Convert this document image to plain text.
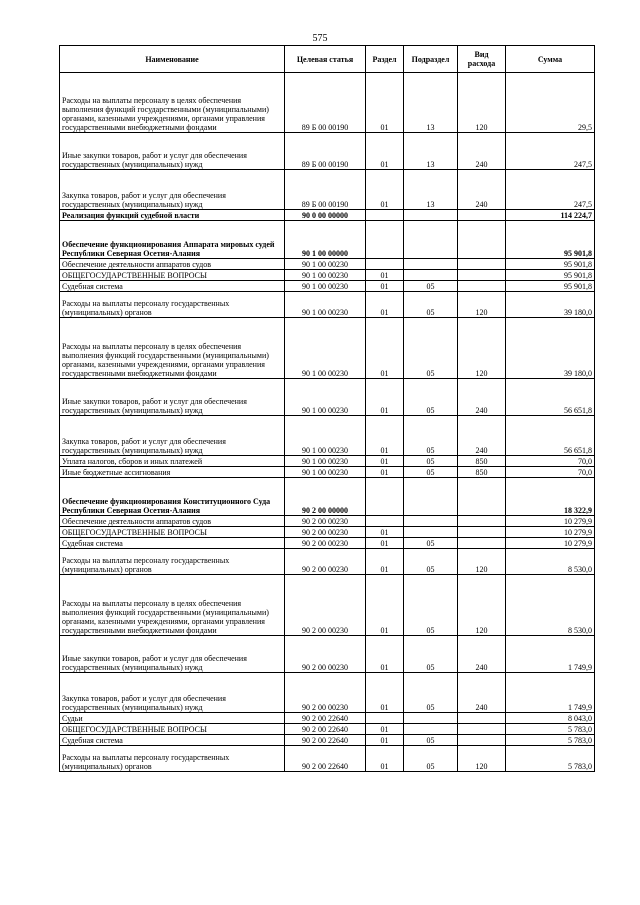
575
Наименование	Целевая статья	Раздел	Подраздел	Вид расхода	Сумма
Расходы на выплаты персоналу в целях обеспечения выполнения функций государственными (муниципальными) органами, казенными учреждениями, органами управления государственными внебюджетными фондами	89 Б 00 00190	01	13	120	29,5
Иные закупки товаров, работ и услуг для обеспечения государственных (муниципальных) нужд	89 Б 00 00190	01	13	240	247,5
Закупка товаров, работ и услуг для обеспечения государственных (муниципальных) нужд	89 Б 00 00190	01	13	240	247,5
Реализация функций судебной власти	90 0 00 00000				114 224,7
Обеспечение функционирования Аппарата мировых судей Республики Северная Осетия-Алания	90 1 00 00000				95 901,8
Обеспечение деятельности аппаратов судов	90 1 00 00230				95 901,8
ОБЩЕГОСУДАРСТВЕННЫЕ ВОПРОСЫ	90 1 00 00230	01			95 901,8
Судебная система	90 1 00 00230	01	05		95 901,8
Расходы на выплаты персоналу государственных (муниципальных) органов	90 1 00 00230	01	05	120	39 180,0
Расходы на выплаты персоналу в целях обеспечения выполнения функций государственными (муниципальными) органами, казенными учреждениями, органами управления государственными внебюджетными фондами	90 1 00 00230	01	05	120	39 180,0
Иные закупки товаров, работ и услуг для обеспечения государственных (муниципальных) нужд	90 1 00 00230	01	05	240	56 651,8
Закупка товаров, работ и услуг для обеспечения государственных (муниципальных) нужд	90 1 00 00230	01	05	240	56 651,8
Уплата налогов, сборов и иных платежей	90 1 00 00230	01	05	850	70,0
Иные бюджетные ассигнования	90 1 00 00230	01	05	850	70,0
Обеспечение функционирования Конституционного Суда Республики Северная Осетия-Алания	90 2 00 00000				18 322,9
Обеспечение деятельности аппаратов судов	90 2 00 00230				10 279,9
ОБЩЕГОСУДАРСТВЕННЫЕ ВОПРОСЫ	90 2 00 00230	01			10 279,9
Судебная система	90 2 00 00230	01	05		10 279,9
Расходы на выплаты персоналу государственных (муниципальных) органов	90 2 00 00230	01	05	120	8 530,0
Расходы на выплаты персоналу в целях обеспечения выполнения функций государственными (муниципальными) органами, казенными учреждениями, органами управления государственными внебюджетными фондами	90 2 00 00230	01	05	120	8 530,0
Иные закупки товаров, работ и услуг для обеспечения государственных (муниципальных) нужд	90 2 00 00230	01	05	240	1 749,9
Закупка товаров, работ и услуг для обеспечения государственных (муниципальных) нужд	90 2 00 00230	01	05	240	1 749,9
Судьи	90 2 00 22640				8 043,0
ОБЩЕГОСУДАРСТВЕННЫЕ ВОПРОСЫ	90 2 00 22640	01			5 783,0
Судебная система	90 2 00 22640	01	05		5 783,0
Расходы на выплаты персоналу государственных (муниципальных) органов	90 2 00 22640	01	05	120	5 783,0
